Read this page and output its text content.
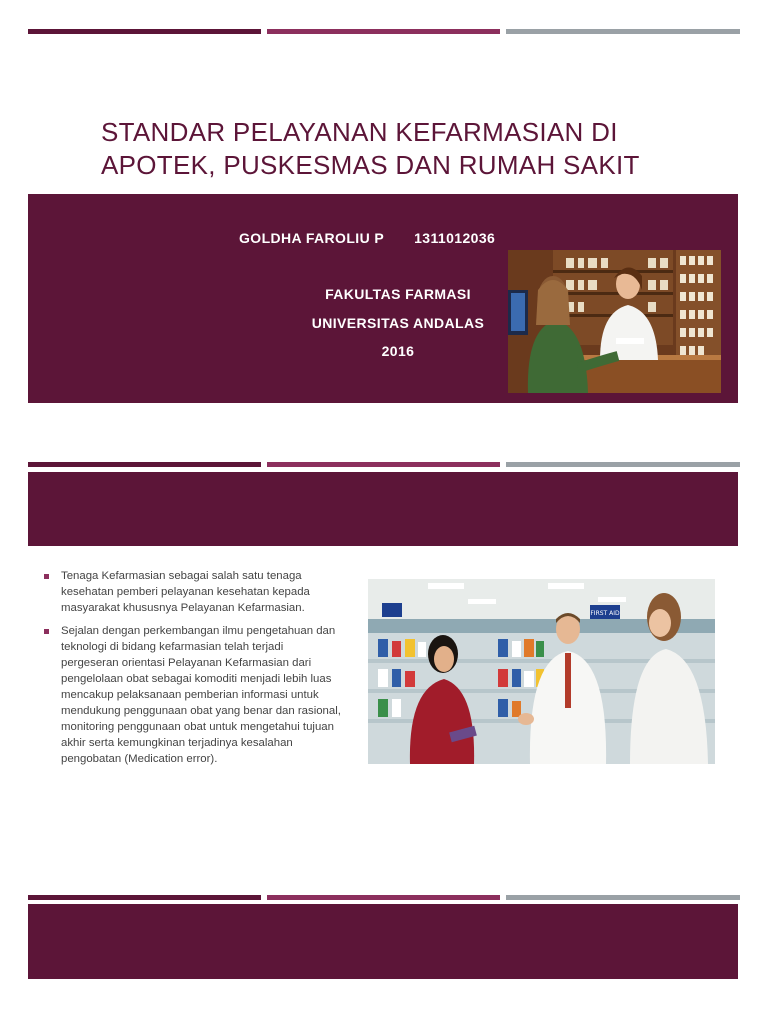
STANDAR PELAYANAN KEFARMASIAN DI
APOTEK, PUSKESMAS DAN RUMAH SAKIT
GOLDHA FAROLIU P 1311012036
FAKULTAS FARMASI
UNIVERSITAS ANDALAS
2016
Tenaga Kefarmasian sebagai salah satu tenaga kesehatan pemberi pelayanan kesehatan kepada masyarakat khususnya Pelayanan Kefarmasian.
Sejalan dengan perkembangan ilmu pengetahuan dan teknologi di bidang kefarmasian telah terjadi pergeseran orientasi Pelayanan Kefarmasian dari pengelolaan obat sebagai komoditi menjadi lebih luas mencakup pelaksanaan pemberian informasi untuk mendukung penggunaan obat yang benar dan rasional, monitoring penggunaan obat untuk mengetahui tujuan akhir serta kemungkinan terjadinya kesalahan pengobatan (Medication error).
FIRST AID
